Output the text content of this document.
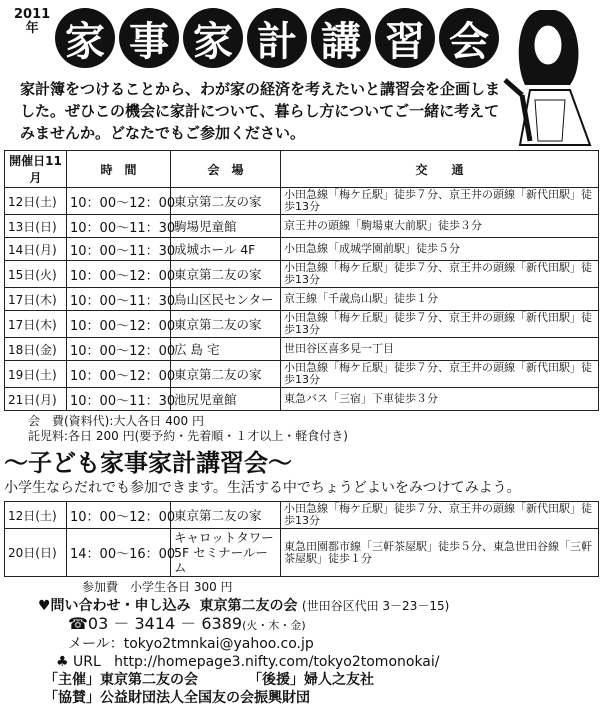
2011
年 家 事 家 計 講 習 会
家計簿をつけることから、わが家の経済を考えたいと講習会を企画しました。ぜひこの機会に家計について、暮らし方についてご一緒に考えてみませんか。どなたでもご参加ください。
開催日11月	時　間	会　場	交　　通
12日(土)	10：00～12：00	東京第二友の家	小田急線「梅ケ丘駅」徒歩７分、京王井の頭線「新代田駅」徒歩13分
13日(日)	10：00～11：30	駒場児童館	京王井の頭線「駒場東大前駅」徒歩３分
14日(月)	10：00～11：30	成城ホール 4F	小田急線「成城学園前駅」徒歩５分
15日(火)	10：00～12：00	東京第二友の家	小田急線「梅ケ丘駅」徒歩７分、京王井の頭線「新代田駅」徒歩13分
17日(木)	10：00～11：30	烏山区民センター	京王線「千歳烏山駅」徒歩１分
17日(木)	10：00～12：00	東京第二友の家	小田急線「梅ケ丘駅」徒歩７分、京王井の頭線「新代田駅」徒歩13分
18日(金)	10：00～12：00	広 島 宅	世田谷区喜多見一丁目
19日(土)	10：00～12：00	東京第二友の家	小田急線「梅ケ丘駅」徒歩７分、京王井の頭線「新代田駅」徒歩13分
21日(月)	10：00～11：30	池尻児童館	東急バス「三宿」下車徒歩３分
会　費(資料代):大人各日 400 円
託児料:各日 200 円(要予約・先着順・１才以上・軽食付き)
～子ども家事家計講習会～
小学生ならだれでも参加できます。生活する中でちょうどよいをみつけてみよう。
12日(土)	10：00～12：00	東京第二友の家	小田急線「梅ケ丘駅」徒歩７分、京王井の頭線「新代田駅」徒歩13分
20日(日)	14：00～16：00	キャロットタワー 5F セミナールーム	東急田園都市線「三軒茶屋駅」徒歩５分、東急世田谷線「三軒茶屋駅」徒歩１分
参加費　小学生各日 300 円
♥問い合わせ・申し込み 東京第二友の会 (世田谷区代田 3－23－15)
☎03 － 3414 － 6389(火・木・金)
メール：tokyo2tmnkai@yahoo.co.jp
♣ URL http://homepage3.nifty.com/tokyo2tomonokai/
「主催」東京第二友の会	「後援」婦人之友社
「協賛」公益財団法人全国友の会振興財団
